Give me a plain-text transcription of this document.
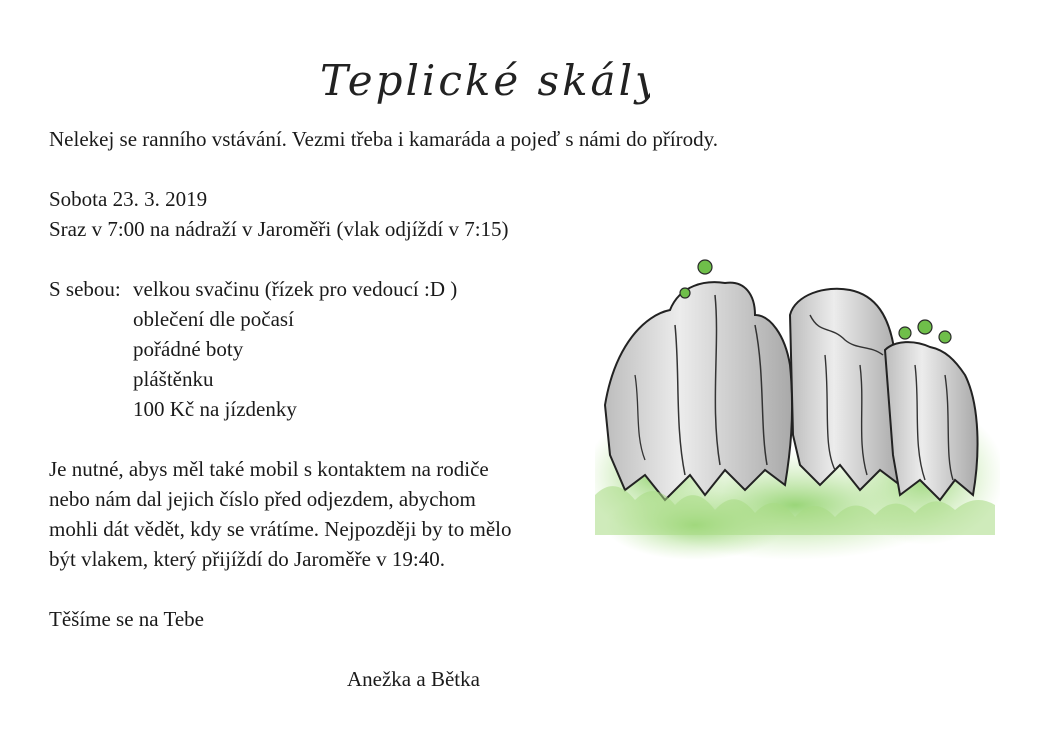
Teplické skály!

Nelekej se ranního vstávání. Vezmi třeba i kamaráda a pojeď s námi do přírody.

Sobota 23. 3. 2019

Sraz v 7:00 na nádraží v Jaroměři (vlak odjíždí v 7:15)

S sebou: velkou svačinu (řízek pro vedoucí :D )

oblečení dle počasí
pořádné boty
pláštěnku
100 Kč na jízdenky

Je nutné, abys měl také mobil s kontaktem na rodiče

nebo nám dal jejich číslo před odjezdem, abychom

mohli dát vědět, kdy se vrátíme. Nejpozději by to mělo

být vlakem, který přijíždí do Jaroměře v 19:40.

Těšíme se na Tebe

Anežka a Bětka
